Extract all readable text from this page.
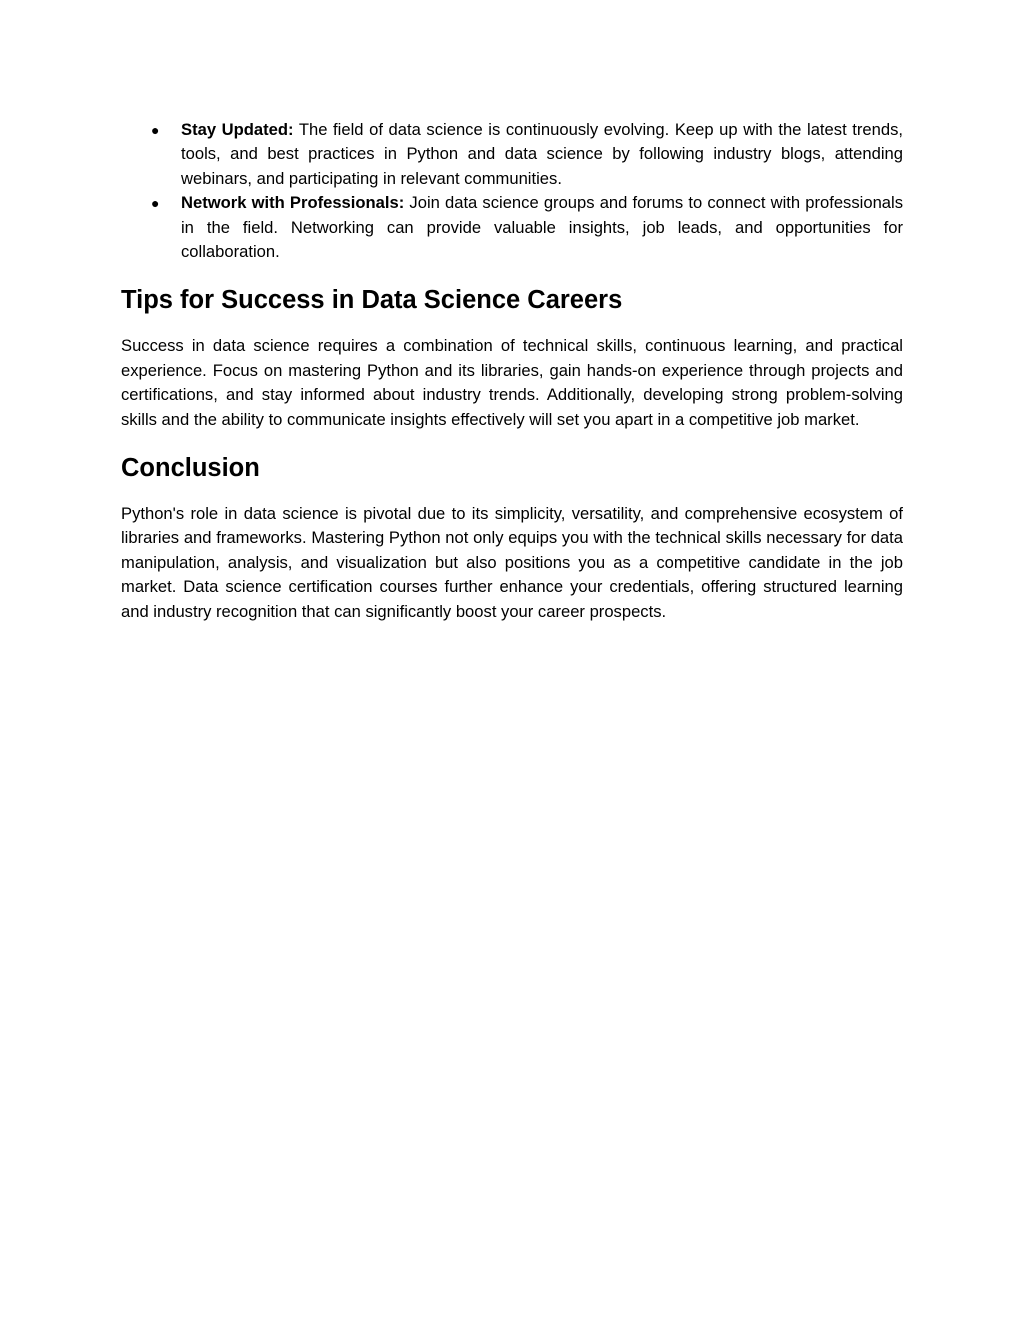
● Stay Updated: The field of data science is continuously evolving. Keep up with the latest trends, tools, and best practices in Python and data science by following industry blogs, attending webinars, and participating in relevant communities.
● Network with Professionals: Join data science groups and forums to connect with professionals in the field. Networking can provide valuable insights, job leads, and opportunities for collaboration.
Tips for Success in Data Science Careers

Success in data science requires a combination of technical skills, continuous learning, and practical experience. Focus on mastering Python and its libraries, gain hands-on experience through projects and certifications, and stay informed about industry trends. Additionally, developing strong problem-solving skills and the ability to communicate insights effectively will set you apart in a competitive job market.

Conclusion

Python's role in data science is pivotal due to its simplicity, versatility, and comprehensive ecosystem of libraries and frameworks. Mastering Python not only equips you with the technical skills necessary for data manipulation, analysis, and visualization but also positions you as a competitive candidate in the job market. Data science certification courses further enhance your credentials, offering structured learning and industry recognition that can significantly boost your career prospects.
